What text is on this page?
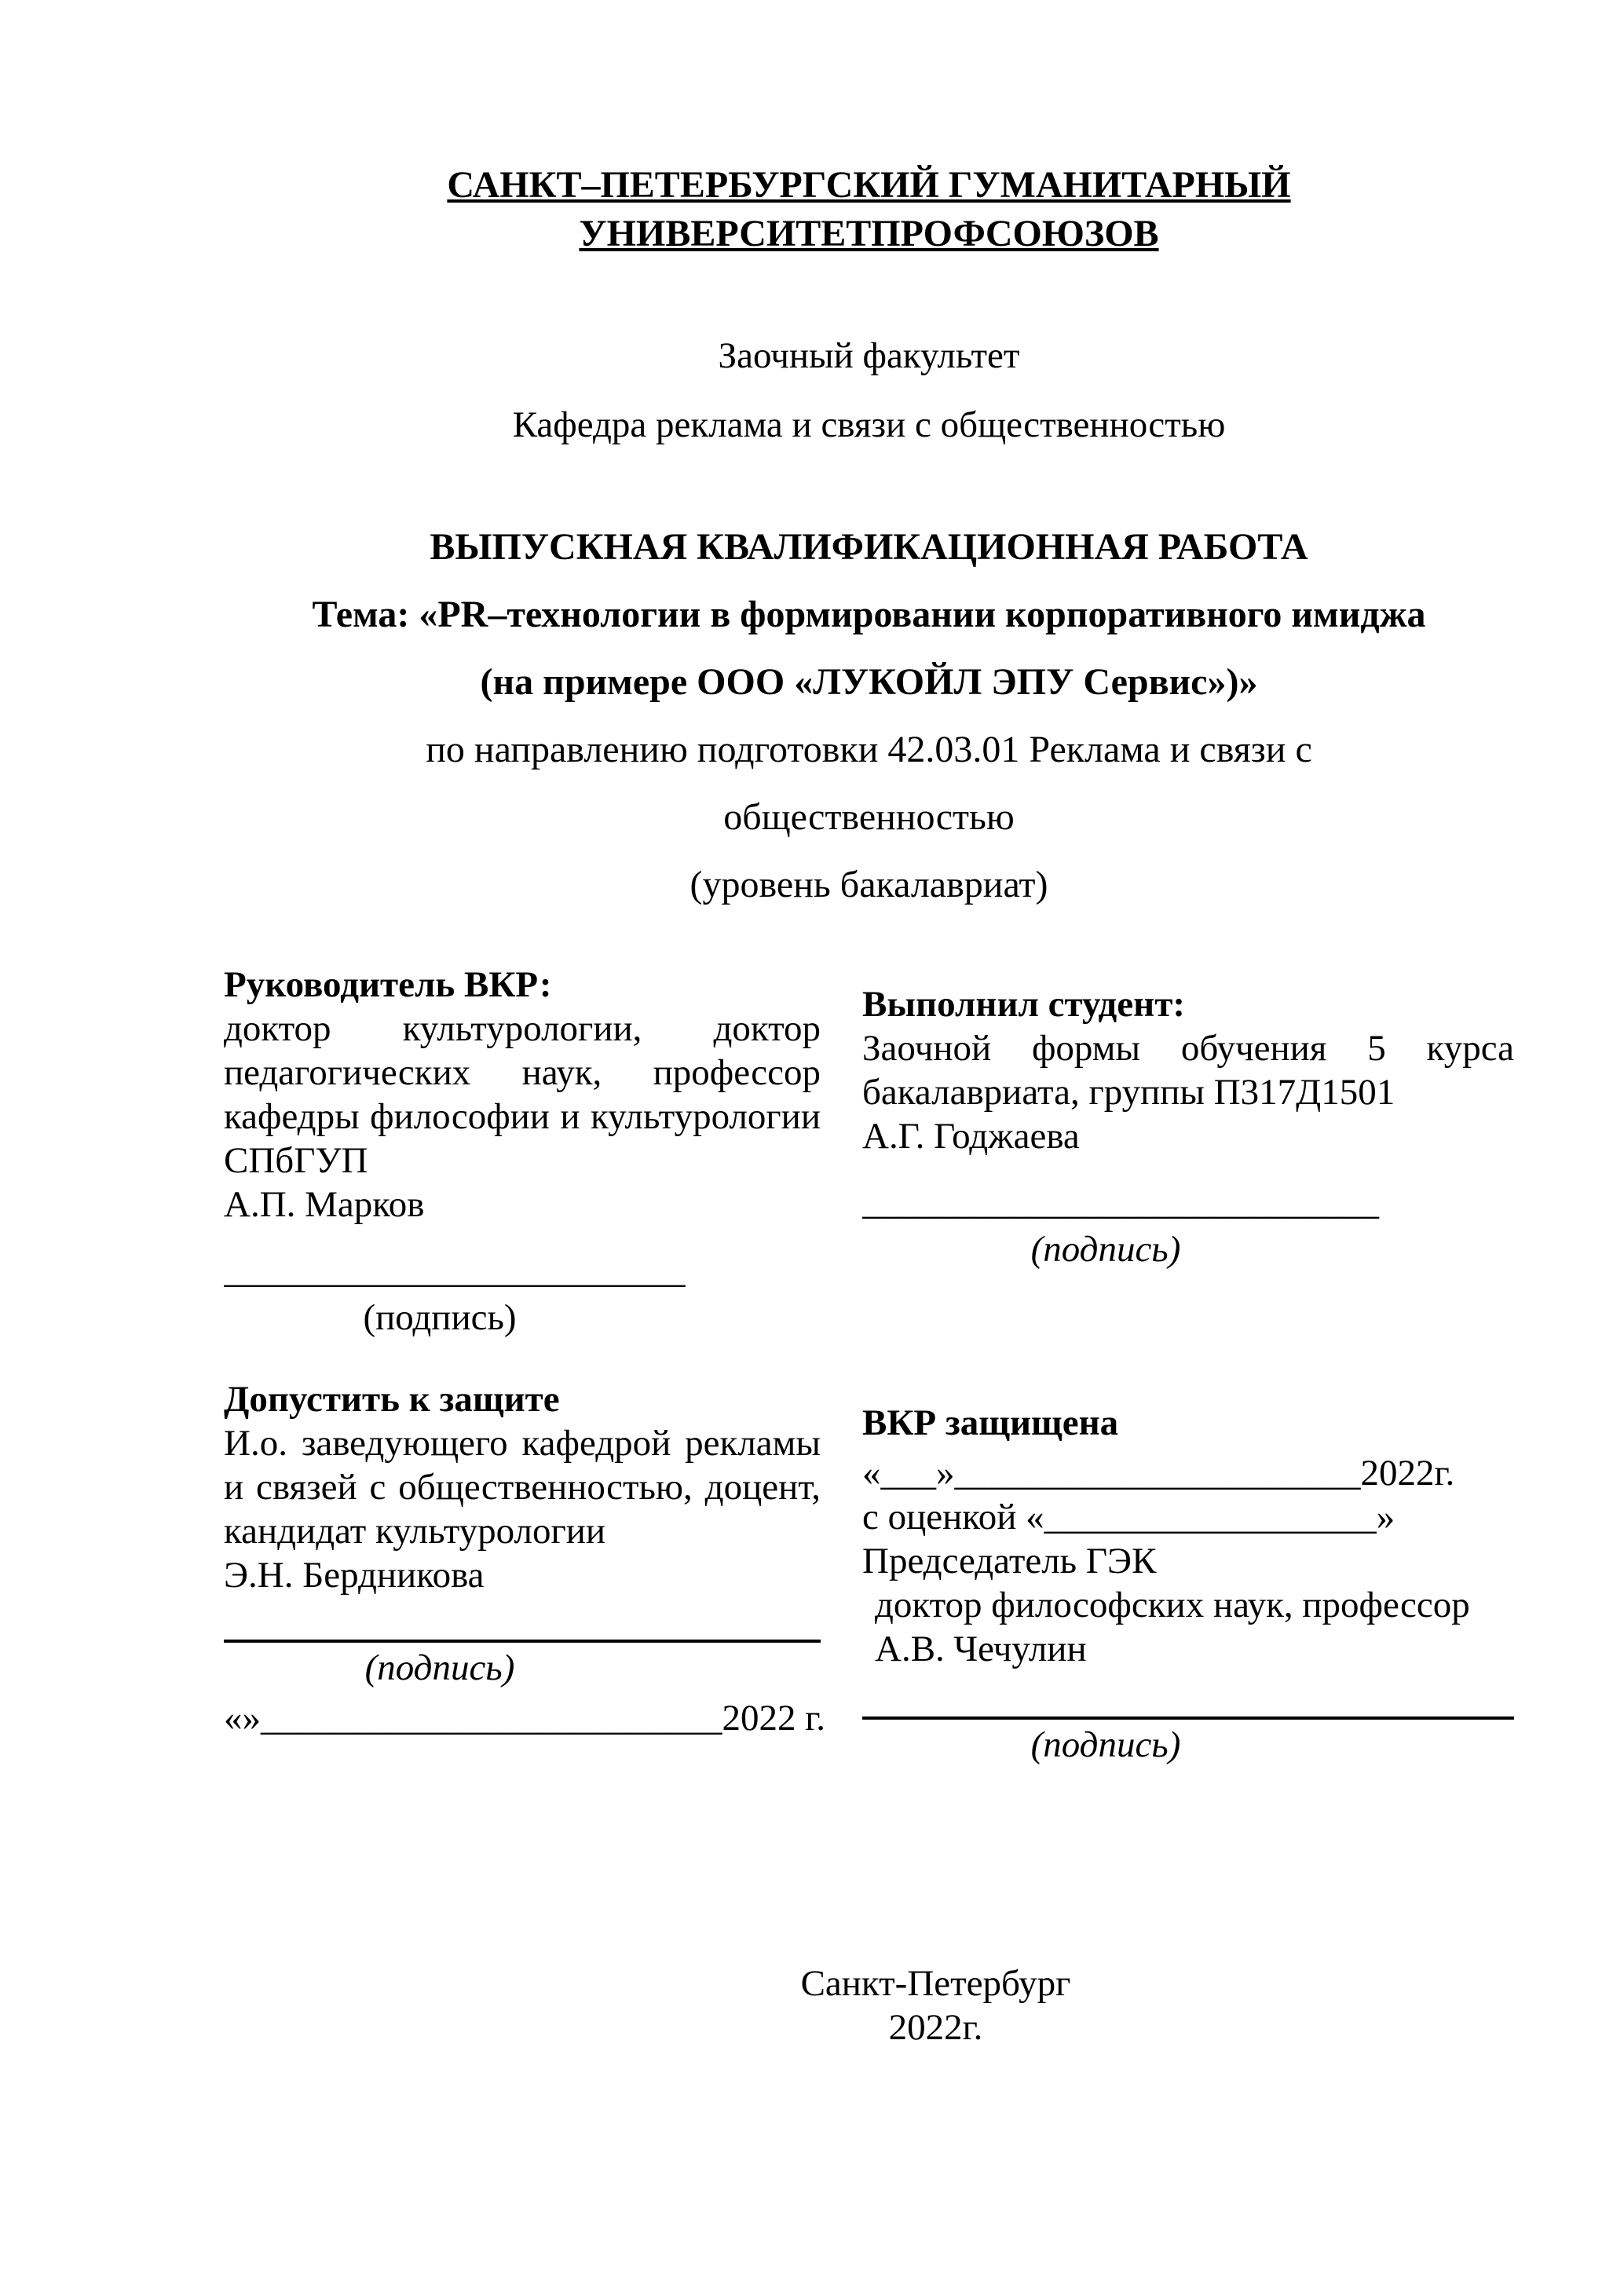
САНКТ–ПЕТЕРБУРГСКИЙ ГУМАНИТАРНЫЙ
УНИВЕРСИТЕТПРОФСОЮЗОВ
Заочный факультет
Кафедра реклама и связи с общественностью
ВЫПУСКНАЯ КВАЛИФИКАЦИОННАЯ РАБОТА
Тема: «PR–технологии в формировании корпоративного имиджа
(на примере ООО «ЛУКОЙЛ ЭПУ Сервис»)»
по направлению подготовки 42.03.01 Реклама и связи с
общественностью
(уровень бакалавриат)
Руководитель ВКР:

доктор культурологии, доктор педагогических наук, профессор кафедры философии и культурологии СПбГУП

А.П. Марков
_________________________
(подпись)
Выполнил студент:

Заочной формы обучения 5 курса бакалавриата, группы П317Д1501

А.Г. Годжаева
____________________________
(подпись)
Допустить к защите

И.о. заведующего кафедрой рекламы и связей с общественностью, доцент, кандидат культурологии

Э.Н. Бердникова
(подпись)
«»_________________________2022 г.
ВКР защищена
«___»______________________2022г.
с оценкой «__________________»
Председатель ГЭК
доктор философских наук, профессор
А.В. Чечулин
(подпись)
Санкт-Петербург
2022г.
